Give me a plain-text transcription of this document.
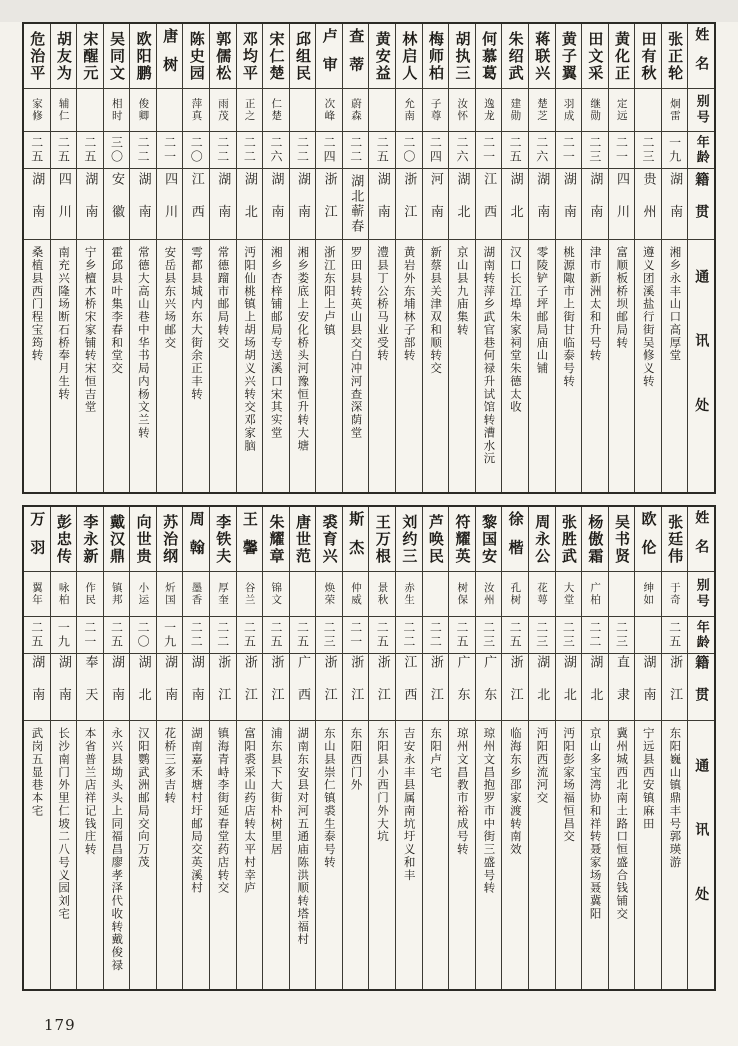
姓名
别号
年龄
籍贯
通讯处
张正轮
炯雷
一九
湖南
湘乡永丰山口高厚堂
田有秋
二三
贵州
遵义团溪盐行街吴修义转
黄化正
定远
二一
四川
富顺板桥坝邮局转
田文采
继勋
二三
湖南
津市新洲太和升号转
黄子翼
羽成
二一
湖南
桃源陬市上街甘临泰号转
蒋联兴
楚芝
二六
湖南
零陵铲子坪邮局庙山铺
朱绍武
建勋
二五
湖北
汉口长江埠朱家祠堂朱德太收
何慕葛
逸龙
二一
江西
湖南转萍乡武官巷何禄升试馆转漕水沅
胡执三
汝怀
二六
湖北
京山县九庙集转
梅师柏
子尊
二四
河南
新蔡县关津双和顺转交
林启人
允南
二〇
浙江
黄岩外东埔林子部转
黄安益
二五
湖南
澧县丁公桥马业受转
查蒂
蔚森
二二
湖北蕲春
罗田县转英山县交白冲河查深荫堂
卢审
次峰
二四
浙江
浙江东阳上卢镇
邱组民
二二
湖南
湘乡娄底上安化桥头河豫恒升转大塘
宋仁楚
仁楚
二六
湖南
湘乡杏梓铺邮局专送溪口宋其实堂
邓均平
正之
二二
湖北
沔阳仙桃镇上胡场胡义兴转交邓家脑
郭儒松
雨茂
二二
湖南
常德蹓市邮局转交
陈史园
萍真
二〇
江西
雩都县城内东大街余正丰转
唐树
二一
四川
安岳县东兴场邮交
欧阳鹏
俊卿
二二
湖南
常德大高山巷中华书局内杨文兰转
吴同文
相时
三〇
安徽
霍邱县叶集李春和堂交
宋醒元
二五
湖南
宁乡檀木桥宋家铺转宋恒吉堂
胡友为
辅仁
二五
四川
南充兴隆场断石桥奉月生转
危治平
家修
二五
湖南
桑植县西门程宝筠转
姓名
别号
年龄
籍贯
通讯处
张廷伟
于奇
二五
浙江
东阳巍山镇鼎丰号郭瑛游
欧伦
绅如
湖南
宁远县西安镇麻田
吴书贤
二三
直隶
冀州城西北南土路口恒盛合钱铺交
杨傲霜
广柏
二二
湖北
京山多宝湾协和祥转聂家场聂冀阳
张胜武
大堂
二三
湖北
沔阳彭家场福恒昌交
周永公
花萼
二三
湖北
沔阳西流河交
徐楷
孔树
二五
浙江
临海东乡邵家渡转南效
黎国安
汝州
二三
广东
琼州文昌抱罗市中街三盛号转
符耀英
树保
二五
广东
琼州文昌教市裕成号转
芦唤民
二二
浙江
东阳卢宅
刘约三
赤生
二二
江西
吉安永丰县属南坑圩义和丰
王万根
景秋
二五
浙江
东阳县小西门外大坑
斯杰
仲威
二一
浙江
东阳西门外
裘育兴
焕荣
二三
浙江
东山县崇仁镇裘生泰号转
唐世范
二五
广西
湖南东安县对河五通庙陈洪顺转塔福村
朱耀章
锦文
二五
浙江
浦东县下大街朴树里居
王馨
谷兰
二五
浙江
富阳裘采山药店转太平村幸庐
李铁夫
厚奎
二二
浙江
镇海青峙李街延春堂药店转交
周翰
墨香
二二
湖南
湖南嘉禾塘村圩邮局交英溪村
苏治纲
炘国
一九
湖南
花桥三多吉转
向世贵
小运
二〇
湖北
汉阳鹦武洲邮局交向万茂
戴汉鼎
镇邦
二五
湖南
永兴县坳头头上同福昌廖孝泽代收转戴俊禄
李永新
作民
二一
奉天
本省普兰店祥记钱庄转
彭忠传
咏柏
一九
湖南
长沙南门外里仁坡二八号义园刘宅
万羽
翼年
二五
湖南
武岗五显巷本宅
179
